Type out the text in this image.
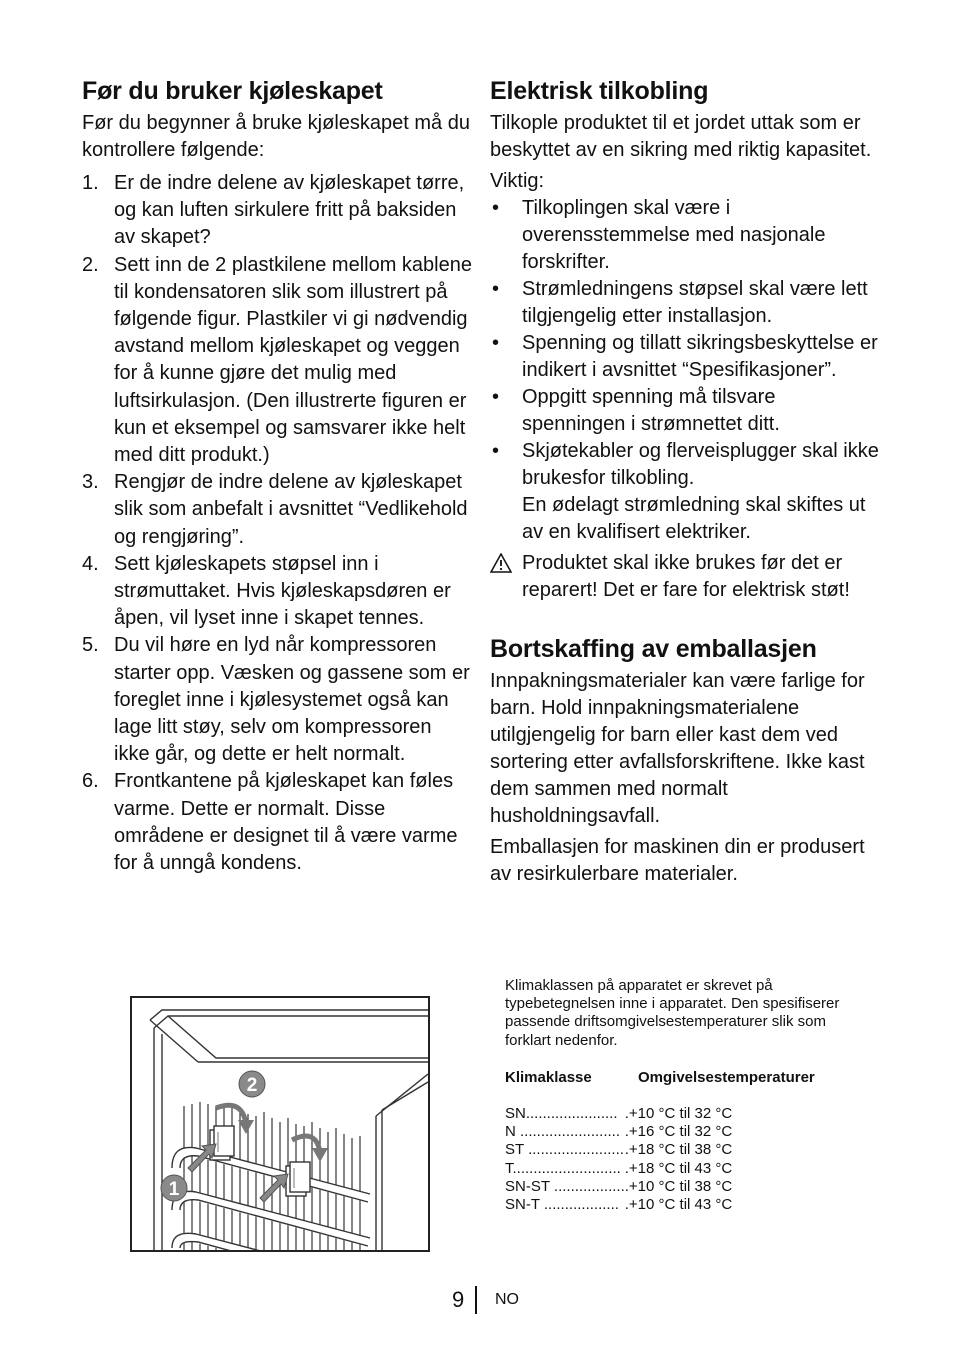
Før du bruker kjøleskapet

Før du begynner å bruke kjøleskapet må du kontrollere følgende:

1. Er de indre delene av kjøleskapet tørre, og kan luften sirkulere fritt på baksiden av skapet?
2. Sett inn de 2 plastkilene mellom kablene til kondensatoren slik som illustrert på følgende figur. Plastkiler vi gi nødvendig avstand mellom kjøleskapet og veggen for å kunne gjøre det mulig med luftsirkulasjon. (Den illustrerte figuren er kun et eksempel og samsvarer ikke helt med ditt produkt.)
3. Rengjør de indre delene av kjøleskapet slik som anbefalt i avsnittet “Vedlikehold og rengjøring”.
4. Sett kjøleskapets støpsel inn i strømuttaket. Hvis kjøleskapsdøren er åpen, vil lyset inne i skapet tennes.
5. Du vil høre en lyd når kompressoren starter opp. Væsken og gassene som er foreglet inne i kjølesystemet også kan lage litt støy, selv om kompressoren ikke går, og dette er helt normalt.
6. Frontkantene på kjøleskapet kan føles varme. Dette er normalt. Disse områdene er designet til å være varme for å unngå kondens.
Elektrisk tilkobling

Tilkople produktet til et jordet uttak som er beskyttet av en sikring med riktig kapasitet.

Viktig:

• Tilkoplingen skal være i overensstemmelse med nasjonale forskrifter.
• Strømledningens støpsel skal være lett tilgjengelig etter installasjon.
• Spenning og tillatt sikringsbeskyttelse er indikert i avsnittet “Spesifikasjoner”.
• Oppgitt spenning må tilsvare spenningen i strømnettet ditt.
• Skjøtekabler og flerveisplugger skal ikke brukesfor tilkobling.
En ødelagt strømledning skal skiftes ut av en kvalifisert elektriker.
Produktet skal ikke brukes før det er reparert! Det er fare for elektrisk støt!
Bortskaffing av emballasjen

Innpakningsmaterialer kan være farlige for barn. Hold innpakningsmaterialene utilgjengelig for barn eller kast dem ved sortering etter avfallsforskriftene. Ikke kast dem sammen med normalt husholdningsavfall.

Emballasjen for maskinen din er produsert av resirkulerbare materialer.

1
2
Klimaklassen på apparatet er skrevet på typebetegnelsen inne i apparatet. Den spesifiserer passende driftsomgivelsestemperaturer slik som forklart nedenfor.
Klimaklasse	Omgivelsestemperaturer
SN......................	.+10 °C til 32 °C
N ........................	.+16 °C til 32 °C
ST .......................	.+18 °C til 38 °C
T..........................	.+18 °C til 43 °C
SN-ST .................	.+10 °C til 38 °C
SN-T ..................	.+10 °C til 43 °C
9 NO
